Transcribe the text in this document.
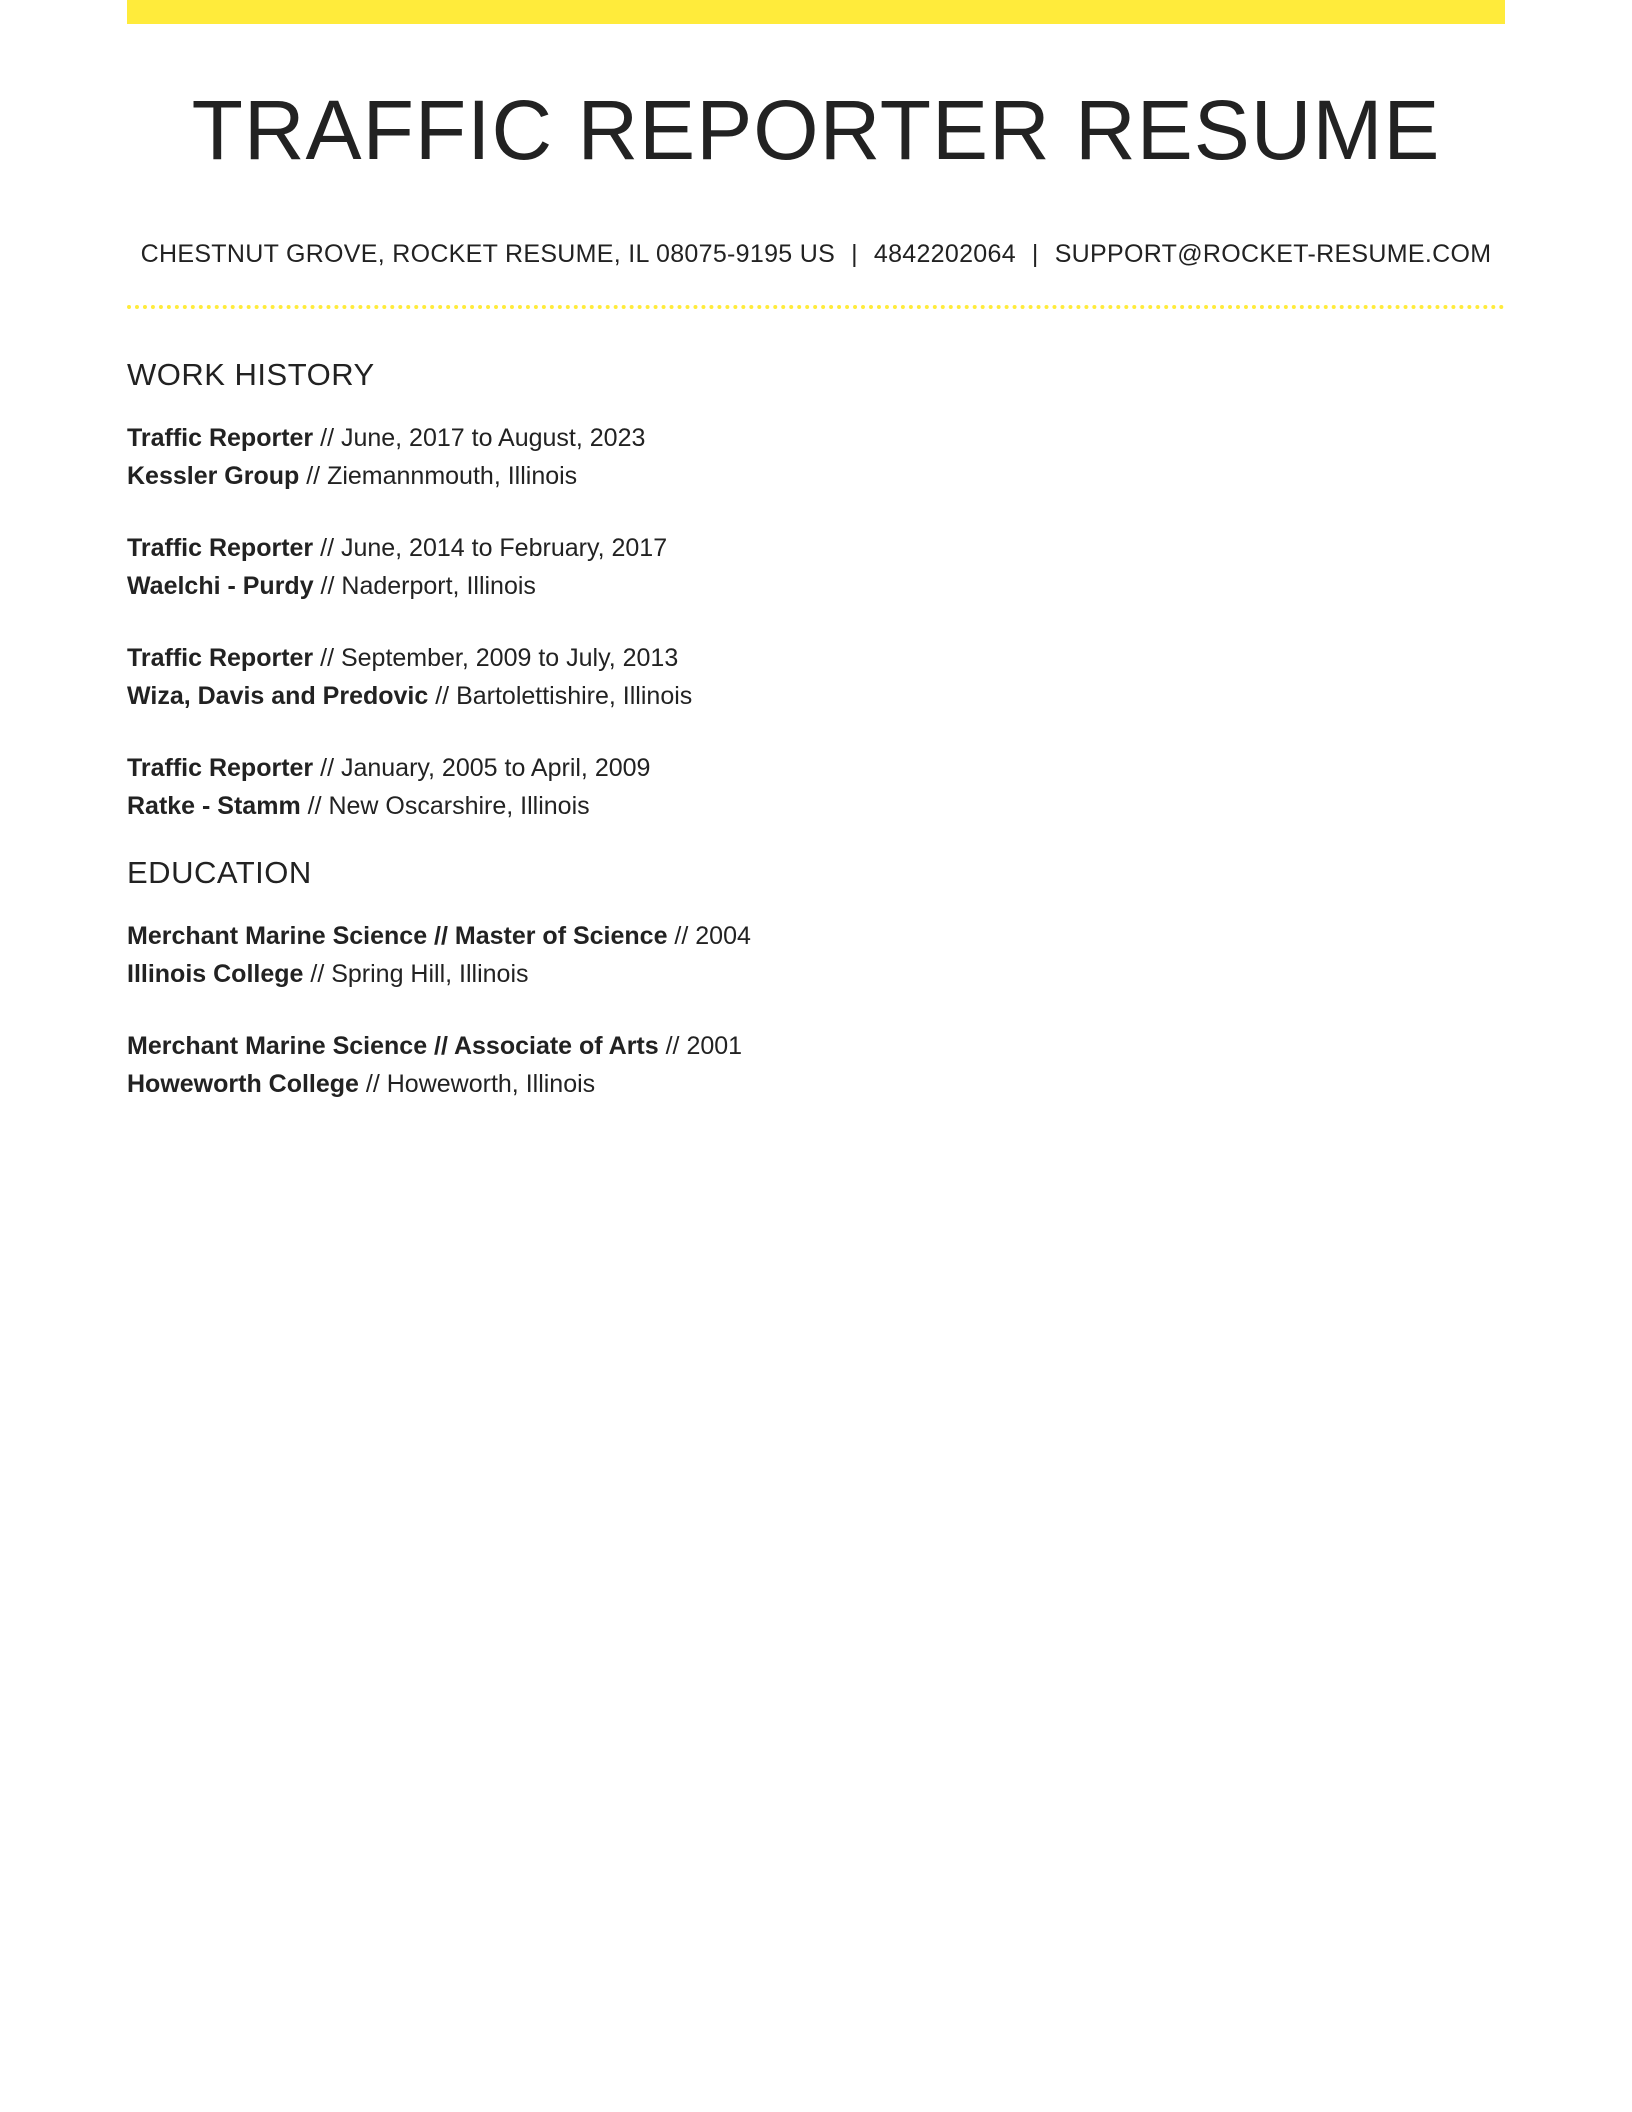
TRAFFIC REPORTER RESUME
CHESTNUT GROVE, ROCKET RESUME, IL 08075-9195 US | 4842202064 | SUPPORT@ROCKET-RESUME.COM
WORK HISTORY
Traffic Reporter // June, 2017 to August, 2023
Kessler Group // Ziemannmouth, Illinois
Traffic Reporter // June, 2014 to February, 2017
Waelchi - Purdy // Naderport, Illinois
Traffic Reporter // September, 2009 to July, 2013
Wiza, Davis and Predovic // Bartolettishire, Illinois
Traffic Reporter // January, 2005 to April, 2009
Ratke - Stamm // New Oscarshire, Illinois
EDUCATION
Merchant Marine Science // Master of Science // 2004
Illinois College // Spring Hill, Illinois
Merchant Marine Science // Associate of Arts // 2001
Howeworth College // Howeworth, Illinois
